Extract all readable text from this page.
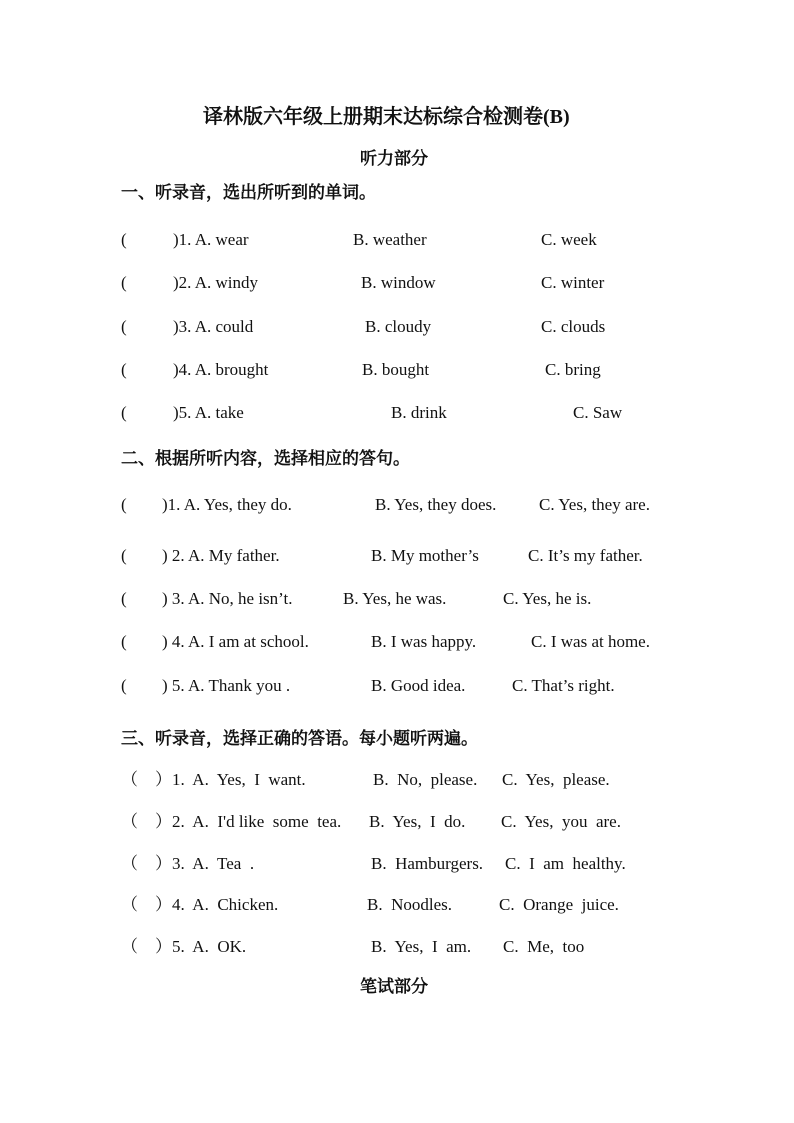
译林版六年级上册期末达标综合检测卷(B)
听力部分
一、听录音，选出所听到的单词。
(	)1. A. wear	B. weather	C. week
(	)2. A. windy	B. window	C. winter
(	)3. A. could	B. cloudy	C. clouds
(	)4. A. brought	B. bought	C. bring
(	)5. A. take	B. drink	C. Saw
二、根据所听内容，选择相应的答句。
( )1. A. Yes, they do.	B. Yes, they does.	C. Yes, they are.
( ) 2. A. My father.	B. My mother’s	C. It’s my father.
( ) 3. A. No, he isn’t.	B. Yes, he was.	C. Yes, he is.
( ) 4. A. I am at school.	B. I was happy.	C. I was at home.
( ) 5. A. Thank you .	B. Good idea.	C. That’s right.
三、听录音，选择正确的答语。每小题听两遍。
（ ）1.  A.  Yes,  I  want.	B.  No,  please. C.  Yes,  please.
（ ）2.  A.  I'd like  some  tea. B.  Yes,  I  do. C.  Yes,  you  are.
（ ）3.  A.  Tea  .	B.  Hamburgers. C.  I  am  healthy.
（ ）4.  A.  Chicken.	B.  Noodles.	C.  Orange  juice.
（ ）5.  A.  OK.	B.  Yes,  I  am. C.  Me,  too
笔试部分
